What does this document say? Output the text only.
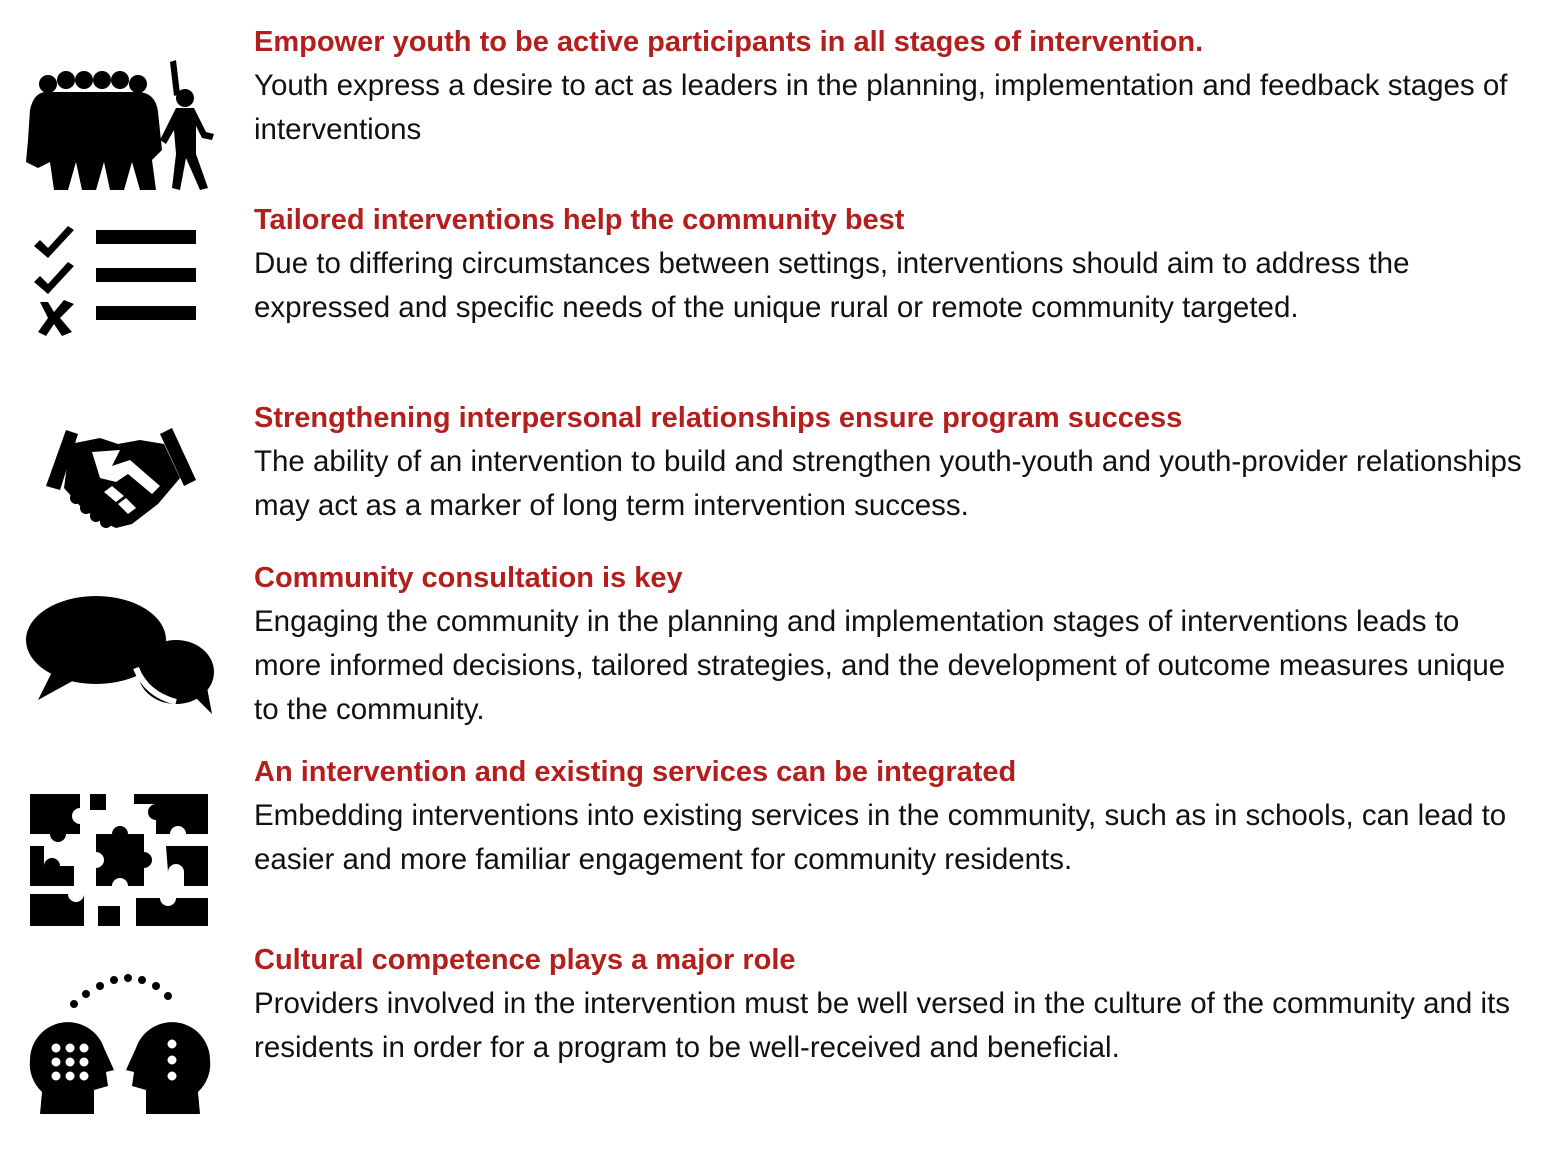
Empower youth to be active participants in all stages of intervention.
Youth express a desire to act as leaders in the planning, implementation and feedback stages of interventions
Tailored interventions help the community best
Due to differing circumstances between settings, interventions should aim to address the expressed and specific needs of the unique rural or remote community targeted.
Strengthening interpersonal relationships ensure program success
The ability of an intervention to build and strengthen youth-youth and youth-provider relationships may act as a marker of long term intervention success.
Community consultation is key
Engaging the community in the planning and implementation stages of interventions leads to more informed decisions, tailored strategies, and the development of outcome measures unique to the community.
An intervention and existing services can be integrated
Embedding interventions into existing services in the community, such as in schools, can lead to easier and more familiar engagement for community residents.
Cultural competence plays a major role
Providers involved in the intervention must be well versed in the culture of the community and its residents in order for a program to be well-received and beneficial.
